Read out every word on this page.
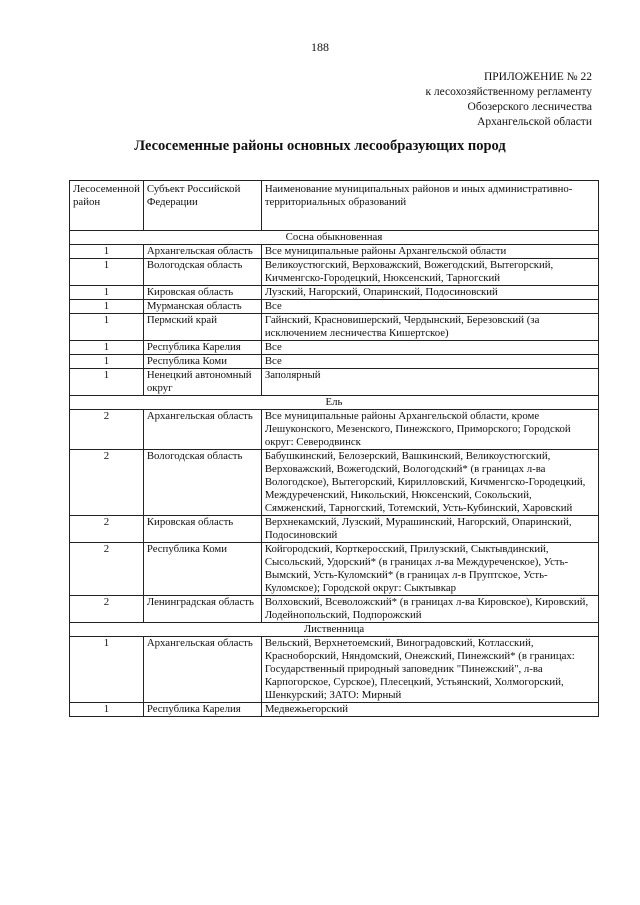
188
ПРИЛОЖЕНИЕ № 22
к лесохозяйственному регламенту
Обозерского лесничества
Архангельской области
Лесосеменные районы основных лесообразующих пород
Лесосеменной район	Субъект Российской Федерации	Наименование муниципальных районов и иных административно-территориальных образований
Сосна обыкновенная		
1	Архангельская область	Все муниципальные районы Архангельской области
1	Вологодская область	Великоустюгский, Верховажский, Вожегодский, Вытегорский, Кичменгско-Городецкий, Нюксенский, Тарногский
1	Кировская область	Лузский, Нагорский, Опаринский, Подосиновский
1	Мурманская область	Все
1	Пермский край	Гайнский, Красновишерский, Чердынский, Березовский (за исключением лесничества Кишертское)
1	Республика Карелия	Все
1	Республика Коми	Все
1	Ненецкий автономный округ	Заполярный
Ель		
2	Архангельская область	Все муниципальные районы Архангельской области, кроме Лешуконского, Мезенского, Пинежского, Приморского; Городской округ: Северодвинск
2	Вологодская область	Бабушкинский, Белозерский, Вашкинский, Великоустюгский, Верховажский, Вожегодский, Вологодский* (в границах л-ва Вологодское), Вытегорский, Кирилловский, Кичменгско-Городецкий, Междуреченский, Никольский, Нюксенский, Сокольский, Сямженский, Тарногский, Тотемский, Усть-Кубинский, Харовский
2	Кировская область	Верхнекамский, Лузский, Мурашинский, Нагорский, Опаринский, Подосиновский
2	Республика Коми	Койгородский, Корткеросский, Прилузский, Сыктывдинский, Сысольский, Удорский* (в границах л-ва Междуреченское), Усть-Вымский, Усть-Куломский* (в границах л-в Пруптское, Усть-Куломское); Городской округ: Сыктывкар
2	Ленинградская область	Волховский, Всеволожский* (в границах л-ва Кировское), Кировский, Лодейнопольский, Подпорожский
Лиственница		
1	Архангельская область	Вельский, Верхнетоемский, Виноградовский, Котласский, Красноборский, Няндомский, Онежский, Пинежский* (в границах: Государственный природный заповедник "Пинежский", л-ва Карпогорское, Сурское), Плесецкий, Устьянский, Холмогорский, Шенкурский; ЗАТО: Мирный
1	Республика Карелия	Медвежьегорский
